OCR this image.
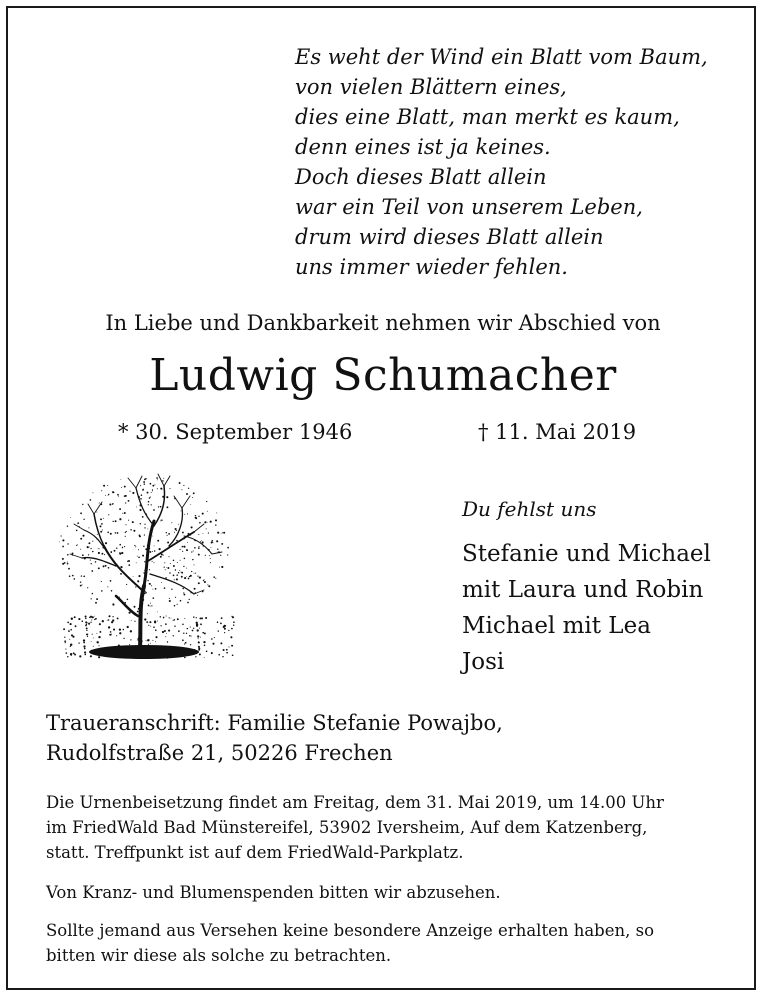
Es weht der Wind ein Blatt vom Baum,
von vielen Blättern eines,
dies eine Blatt, man merkt es kaum,
denn eines ist ja keines.
Doch dieses Blatt allein
war ein Teil von unserem Leben,
drum wird dieses Blatt allein
uns immer wieder fehlen.
In Liebe und Dankbarkeit nehmen wir Abschied von
Ludwig Schumacher
* 30. September 1946	† 11. Mai 2019
Du fehlst uns
Stefanie und Michael
mit Laura und Robin
Michael mit Lea
Josi
Traueranschrift: Familie Stefanie Powajbo,
Rudolfstraße 21, 50226 Frechen
Die Urnenbeisetzung findet am Freitag, dem 31. Mai 2019, um 14.00 Uhr
im FriedWald Bad Münstereifel, 53902 Iversheim, Auf dem Katzenberg,
statt. Treffpunkt ist auf dem FriedWald-Parkplatz.
Von Kranz- und Blumenspenden bitten wir abzusehen.
Sollte jemand aus Versehen keine besondere Anzeige erhalten haben, so
bitten wir diese als solche zu betrachten.
